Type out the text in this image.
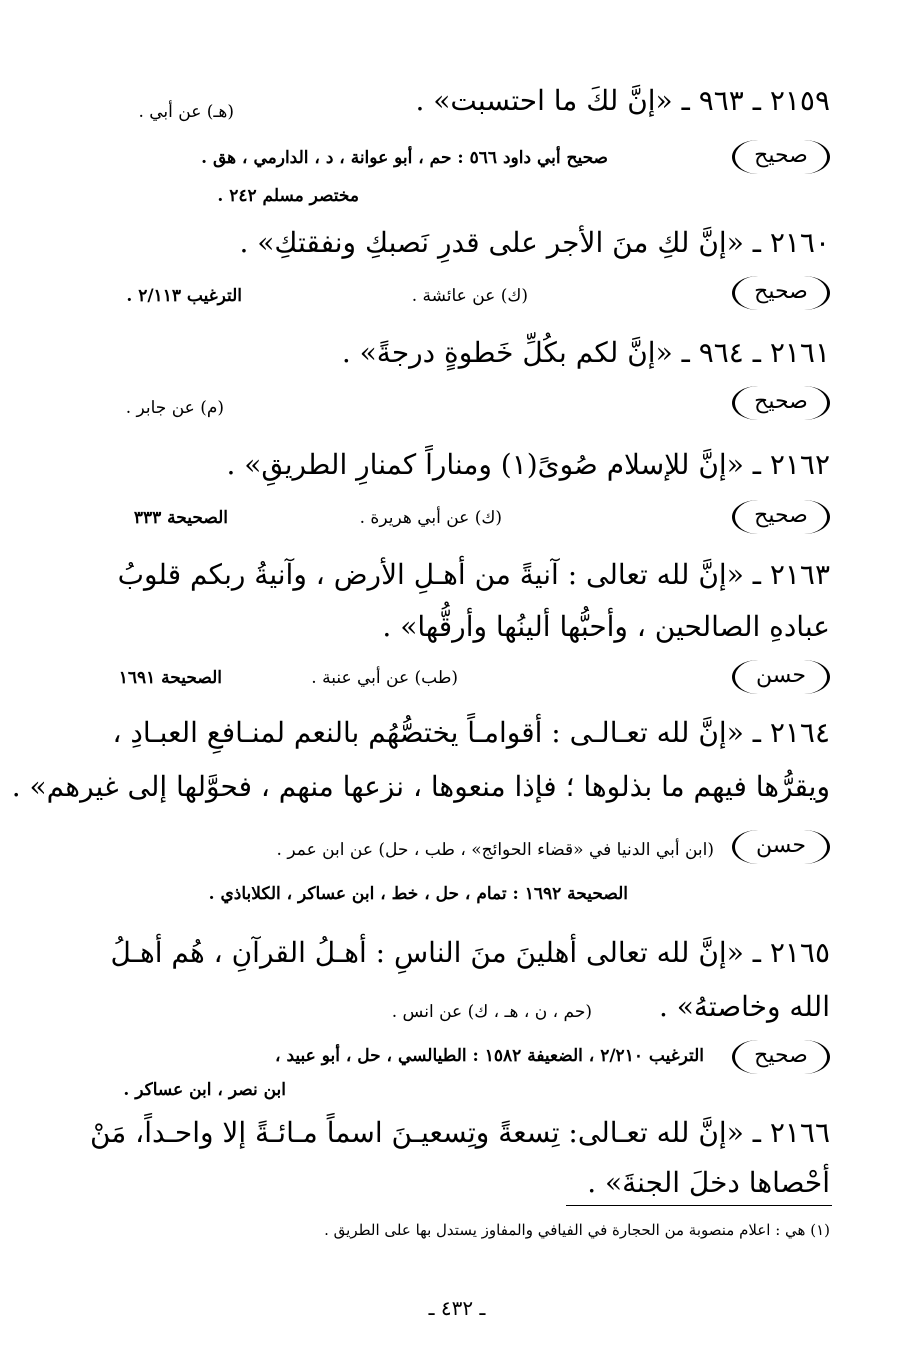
٢١٥٩ ـ ٩٦٣ ـ «إنَّ لكَ ما احتسبت» .
(هـ) عن أبي .
صحيح
صحيح أبي داود ٥٦٦ : حم ، أبو عوانة ، د ، الدارمي ، هق .
مختصر مسلم ٢٤٢ .
٢١٦٠ ـ «إنَّ لكِ منَ الأجر على قدرِ نَصبكِ ونفقتكِ» .
صحيح
(ك) عن عائشة .
الترغيب ٢/١١٣ .
٢١٦١ ـ ٩٦٤ ـ «إنَّ لكم بكُلِّ خَطوةٍ درجةً» .
صحيح
(م) عن جابر .
٢١٦٢ ـ «إنَّ للإسلام صُوىً(١) ومناراً كمنارِ الطريقِ» .
صحيح
(ك) عن أبي هريرة .
الصحيحة ٣٣٣
٢١٦٣ ـ «إنَّ لله تعالى : آنيةً من أهـلِ الأرض ، وآنيةُ ربكم قلوبُ
عبادهِ الصالحين ، وأحبُّها ألينُها وأرقُّها» .
حسن
(طب) عن أبي عنبة .
الصحيحة ١٦٩١
٢١٦٤ ـ «إنَّ لله تعـالـى : أقوامـاً يختصُّهُم بالنعم لمنـافعِ العبـادِ ،
ويقرُّها فيهم ما بذلوها ؛ فإذا منعوها ، نزعها منهم ، فحوَّلها إلى غيرهم» .
حسن
(ابن أبي الدنيا في «قضاء الحوائج» ، طب ، حل) عن ابن عمر .
الصحيحة ١٦٩٢ : تمام ، حل ، خط ، ابن عساكر ، الكلاباذي .
٢١٦٥ ـ «إنَّ لله تعالى أهلينَ منَ الناسِ : أهـلُ القرآنِ ، هُم أهـلُ
الله وخاصتهُ» .
(حم ، ن ، هـ ، ك) عن انس .
صحيح
الترغيب ٢/٢١٠ ، الضعيفة ١٥٨٢ : الطيالسي ، حل ، أبو عبيد ،
ابن نصر ، ابن عساكر .
٢١٦٦ ـ «إنَّ لله تعـالى: تِسعةً وتِسعيـنَ اسماً مـائـةً إلا واحـداً، مَنْ
أحْصاها دخلَ الجنةَ» .
(١) هي : اعلام منصوبة من الحجارة في الفيافي والمفاوز يستدل بها على الطريق .
ـ ٤٣٢ ـ
